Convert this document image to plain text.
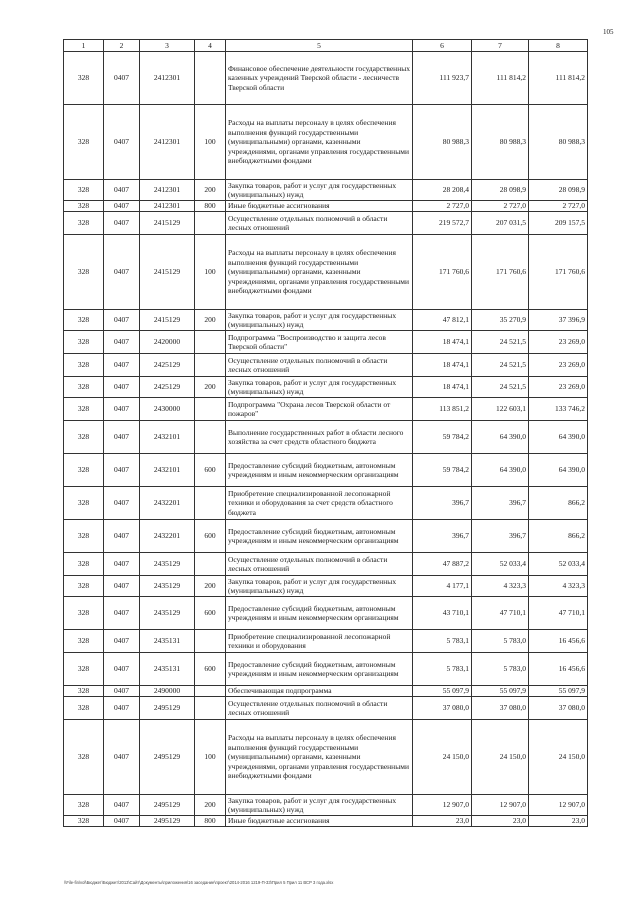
105
1	2	3	4	5	6	7	8
328	0407	2412301		Финансовое обеспечение деятельности государственных казенных учреждений Тверской области - лесничеств Тверской области	111 923,7	111 814,2	111 814,2
328	0407	2412301	100	Расходы на выплаты персоналу в целях обеспечения выполнения функций государственными (муниципальными) органами, казенными учреждениями, органами управления государственными внебюджетными фондами	80 988,3	80 988,3	80 988,3
328	0407	2412301	200	Закупка товаров, работ и услуг для государственных (муниципальных) нужд	28 208,4	28 098,9	28 098,9
328	0407	2412301	800	Иные бюджетные ассигнования	2 727,0	2 727,0	2 727,0
328	0407	2415129		Осуществление отдельных полномочий в области лесных отношений	219 572,7	207 031,5	209 157,5
328	0407	2415129	100	Расходы на выплаты персоналу в целях обеспечения выполнения функций государственными (муниципальными) органами, казенными учреждениями, органами управления государственными внебюджетными фондами	171 760,6	171 760,6	171 760,6
328	0407	2415129	200	Закупка товаров, работ и услуг для государственных (муниципальных) нужд	47 812,1	35 270,9	37 396,9
328	0407	2420000		Подпрограмма "Воспроизводство и защита лесов Тверской области"	18 474,1	24 521,5	23 269,0
328	0407	2425129		Осуществление отдельных полномочий в области лесных отношений	18 474,1	24 521,5	23 269,0
328	0407	2425129	200	Закупка товаров, работ и услуг для государственных (муниципальных) нужд	18 474,1	24 521,5	23 269,0
328	0407	2430000		Подпрограмма "Охрана лесов Тверской области от пожаров"	113 851,2	122 603,1	133 746,2
328	0407	2432101		Выполнение государственных работ в области лесного хозяйства за счет средств областного бюджета	59 784,2	64 390,0	64 390,0
328	0407	2432101	600	Предоставление субсидий бюджетным, автономным учреждениям и иным некоммерческим организациям	59 784,2	64 390,0	64 390,0
328	0407	2432201		Приобретение специализированной лесопожарной техники и оборудования за счет средств областного бюджета	396,7	396,7	866,2
328	0407	2432201	600	Предоставление субсидий бюджетным, автономным учреждениям и иным некоммерческим организациям	396,7	396,7	866,2
328	0407	2435129		Осуществление отдельных полномочий в области лесных отношений	47 887,2	52 033,4	52 033,4
328	0407	2435129	200	Закупка товаров, работ и услуг для государственных (муниципальных) нужд	4 177,1	4 323,3	4 323,3
328	0407	2435129	600	Предоставление субсидий бюджетным, автономным учреждениям и иным некоммерческим организациям	43 710,1	47 710,1	47 710,1
328	0407	2435131		Приобретение специализированной лесопожарной техники и оборудования	5 783,1	5 783,0	16 456,6
328	0407	2435131	600	Предоставление субсидий бюджетным, автономным учреждениям и иным некоммерческим организациям	5 783,1	5 783,0	16 456,6
328	0407	2490000		Обеспечивающая подпрограмма	55 097,9	55 097,9	55 097,9
328	0407	2495129		Осуществление отдельных полномочий в области лесных отношений	37 080,0	37 080,0	37 080,0
328	0407	2495129	100	Расходы на выплаты персоналу в целях обеспечения выполнения функций государственными (муниципальными) органами, казенными учреждениями, органами управления государственными внебюджетными фондами	24 150,0	24 150,0	24 150,0
328	0407	2495129	200	Закупка товаров, работ и услуг для государственных (муниципальных) нужд	12 907,0	12 907,0	12 907,0
328	0407	2495129	800	Иные бюджетные ассигнования	23,0	23,0	23,0
\\File-fin\vol\Бюджет\Бюджет\2013\Сайт\Документы\приложения\16 заседание\проект\2014-2016 1219-П-33\Прил 5 Прил 11 ВСР 3 года.xlsx
